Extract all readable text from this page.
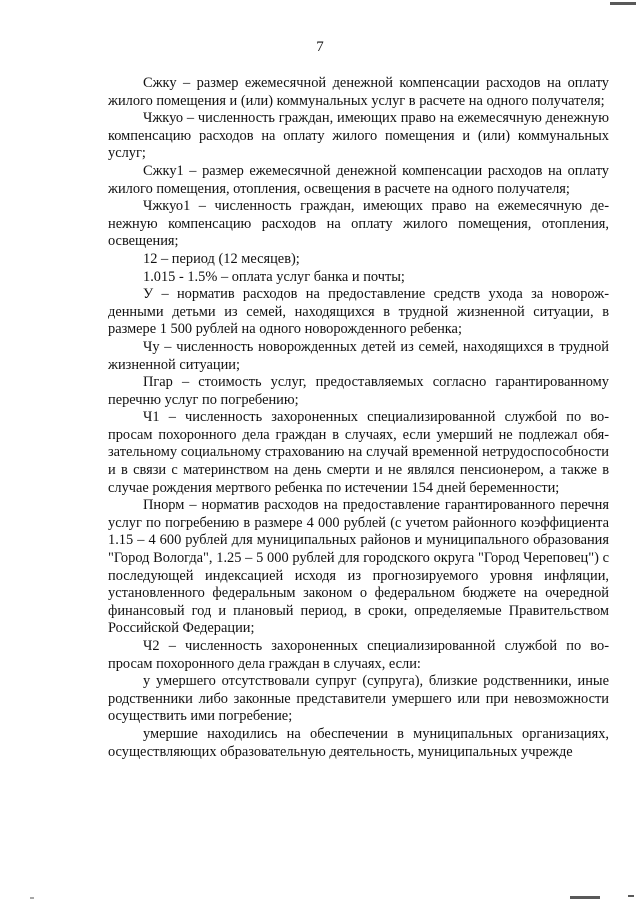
7

Сжку – размер ежемесячной денежной компенсации расходов на оплату жилого помещения и (или) коммунальных услуг в расчете на одного получателя;

Чжкуо – численность граждан, имеющих право на ежемесячную денежную компенсацию расходов на оплату жилого помещения и (или) коммунальных услуг;

Сжку1 – размер ежемесячной денежной компенсации расходов на оплату жилого помещения, отопления, освещения в расчете на одного получателя;

Чжкуо1 – численность граждан, имеющих право на ежемесячную денежную компенсацию расходов на оплату жилого помещения, отопления, освещения;

12 – период (12 месяцев);

1.015 - 1.5% – оплата услуг банка и почты;

У – норматив расходов на предоставление средств ухода за новорожденными детьми из семей, находящихся в трудной жизненной ситуации, в размере 1 500 рублей на одного новорожденного ребенка;

Чу – численность новорожденных детей из семей, находящихся в трудной жизненной ситуации;

Пгар – стоимость услуг, предоставляемых согласно гарантированному перечню услуг по погребению;

Ч1 – численность захороненных специализированной службой по вопросам похоронного дела граждан в случаях, если умерший не подлежал обязательному социальному страхованию на случай временной нетрудоспособности и в связи с материнством на день смерти и не являлся пенсионером, а также в случае рождения мертвого ребенка по истечении 154 дней беременности;

Пнорм – норматив расходов на предоставление гарантированного перечня услуг по погребению в размере 4 000 рублей (с учетом районного коэффициента 1.15 – 4 600 рублей для муниципальных районов и муниципального образования "Город Вологда", 1.25 – 5 000 рублей для городского округа "Город Череповец") с последующей индексацией исходя из прогнозируемого уровня инфляции, установленного федеральным законом о федеральном бюджете на очередной финансовый год и плановый период, в сроки, определяемые Правительством Российской Федерации;

Ч2 – численность захороненных специализированной службой по вопросам похоронного дела граждан в случаях, если:

у умершего отсутствовали супруг (супруга), близкие родственники, иные родственники либо законные представители умершего или при невозможности осуществить ими погребение;

умершие находились на обеспечении в муниципальных организациях, осуществляющих образовательную деятельность, муниципальных учрежде
